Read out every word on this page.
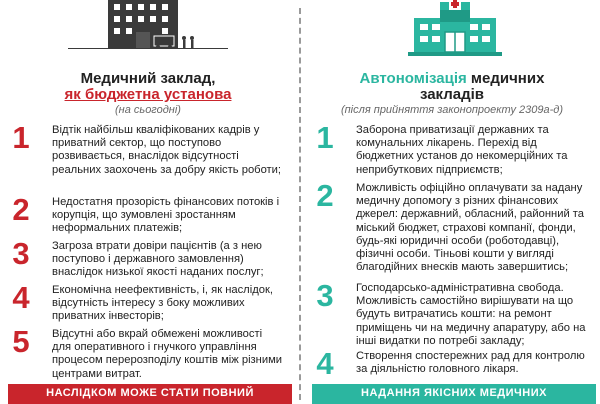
Медичний заклад,
як бюджетна установа
(на сьогодні)
1	Відтік найбільш кваліфікованих кадрів у приватний сектор, що поступово розвивається, внаслідок відсутності реальних заохочень за добру якість роботи;
2	Недостатня прозорість фінансових потоків і корупція, що зумовлені зростанням неформальних платежів;
3	Загроза втрати довіри пацієнтів (а з нею поступово і державного замовлення) внаслідок низької якості наданих послуг;
4	Економічна неефективність, і, як наслідок, відсутність інтересу з боку можливих приватних інвесторів;
5	Відсутні або вкрай обмежені можливості для оперативного і гнучкого управління процесом перерозподілу коштів між різними центрами витрат.
НАСЛІДКОМ МОЖЕ СТАТИ ПОВНИЙ
Автономізація медичних
закладів
(після прийняття законопроекту 2309а-д)
1	Заборона приватизації державних та комунальних лікарень. Перехід від бюджетних установ до некомерційних та неприбуткових підприємств;
2	Можливість офіційно оплачувати за надану медичну допомогу з різних фінансових джерел: державний, обласний, районний та міський бюджет, страхові компанії, фонди, будь-які юридичні особи (роботодавці), фізичні особи. Тіньові кошти у вигляді благодійних внесків мають завершитись;
3	Господарсько-адміністративна свобода. Можливість самостійно вирішувати на що будуть витрачатись кошти: на ремонт приміщень чи на медичну апаратуру, або на інші видатки по потребі закладу;
4	Створення спостережних рад для контролю за діяльністю головного лікаря.
НАДАННЯ ЯКІСНИХ МЕДИЧНИХ
